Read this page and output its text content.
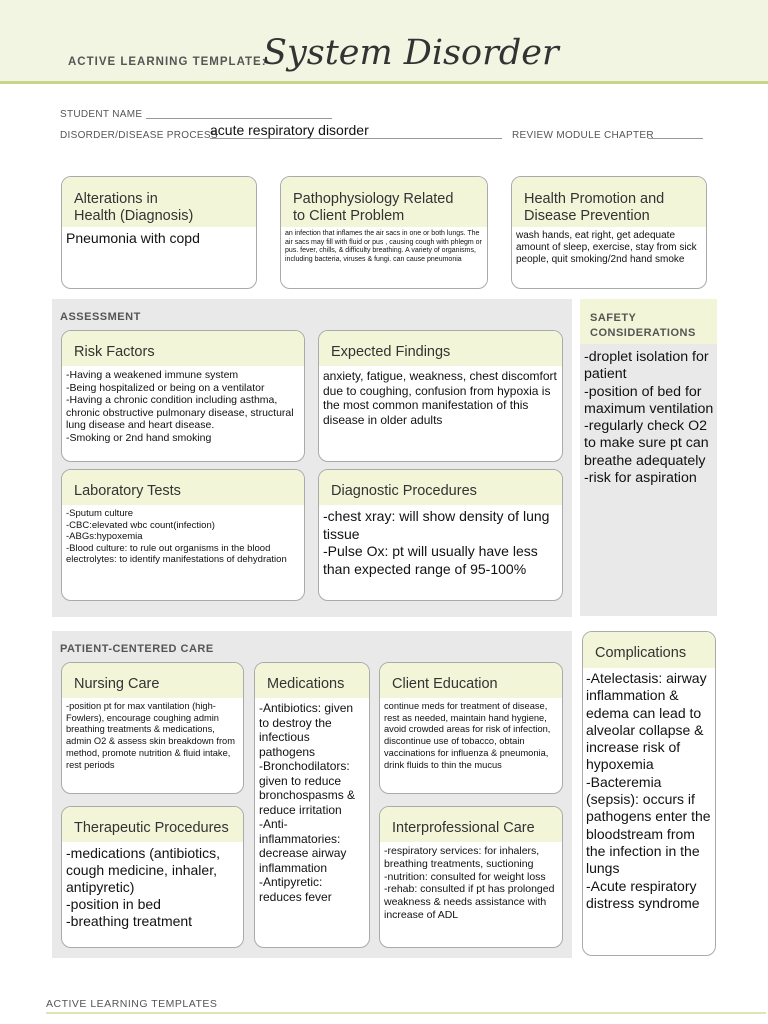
ACTIVE LEARNING TEMPLATE:
System Disorder
STUDENT NAME
DISORDER/DISEASE PROCESS
acute respiratory disorder	REVIEW MODULE CHAPTER
Alterations in
Health (Diagnosis)
Pneumonia with copd
Pathophysiology Related
to Client Problem
an infection that inflames the air sacs in one or both lungs. The air sacs may fill with fluid or pus , causing cough with phlegm or pus. fever, chills, & difficulty breathing. A variety of organisms, including bacteria, viruses & fungi. can cause pneumonia
Health Promotion and
Disease Prevention
wash hands, eat right, get adequate amount of sleep, exercise, stay from sick people, quit smoking/2nd hand smoke
ASSESSMENT
Risk Factors
-Having a weakened immune system
-Being hospitalized or being on a ventilator
-Having a chronic condition including asthma, chronic obstructive pulmonary disease, structural lung disease and heart disease.
-Smoking or 2nd hand smoking
Expected Findings
anxiety, fatigue, weakness, chest discomfort due to coughing, confusion from hypoxia is the most common manifestation of this disease in older adults
Laboratory Tests
-Sputum culture
-CBC:elevated wbc count(infection)
-ABGs:hypoxemia
-Blood culture: to rule out organisms in the blood
electrolytes: to identify manifestations of dehydration
Diagnostic Procedures
-chest xray: will show density of lung tissue
-Pulse Ox: pt will usually have less than expected range of 95-100%
SAFETY
CONSIDERATIONS
-droplet isolation for patient
-position of bed for maximum ventilation
-regularly check O2 to make sure pt can breathe adequately
-risk for aspiration
PATIENT-CENTERED CARE
Nursing Care
-position pt for max vantilation (high-Fowlers), encourage coughing admin breathing treatments & medications, admin O2 & assess skin breakdown from method, promote nutrition & fluid intake, rest periods
Medications
-Antibiotics: given to destroy the infectious pathogens
-Bronchodilators: given to reduce bronchospasms & reduce irritation
-Anti-inflammatories: decrease airway inflammation
-Antipyretic: reduces fever
Client Education
continue meds for treatment of disease, rest as needed, maintain hand hygiene, avoid crowded areas for risk of infection, discontinue use of tobacco, obtain vaccinations for influenza & pneumonia, drink fluids to thin the mucus
Therapeutic Procedures
-medications (antibiotics, cough medicine, inhaler, antipyretic)
-position in bed
-breathing treatment
Interprofessional Care
-respiratory services: for inhalers, breathing treatments, suctioning
-nutrition: consulted for weight loss
-rehab: consulted if pt has prolonged weakness & needs assistance with increase of ADL
Complications
-Atelectasis: airway inflammation & edema can lead to alveolar collapse & increase risk of hypoxemia
-Bacteremia (sepsis): occurs if pathogens enter the bloodstream from the infection in the lungs
-Acute respiratory distress syndrome
ACTIVE LEARNING TEMPLATES
